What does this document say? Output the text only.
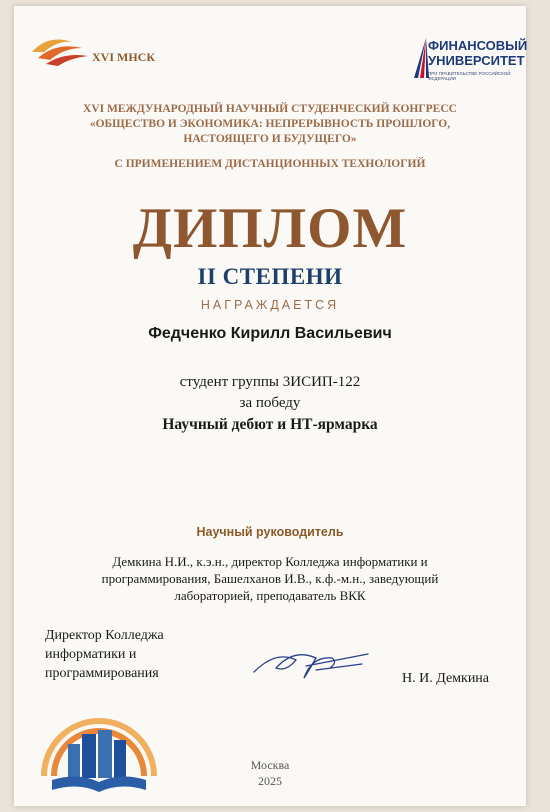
XVI МНСК
ФИНАНСОВЫЙ
УНИВЕРСИТЕТ
ПРИ ПРАВИТЕЛЬСТВЕ РОССИЙСКОЙ ФЕДЕРАЦИИ
XVI МЕЖДУНАРОДНЫЙ НАУЧНЫЙ СТУДЕНЧЕСКИЙ КОНГРЕСС
«ОБЩЕСТВО И ЭКОНОМИКА: НЕПРЕРЫВНОСТЬ ПРОШЛОГО,
НАСТОЯЩЕГО И БУДУЩЕГО»
С ПРИМЕНЕНИЕМ ДИСТАНЦИОННЫХ ТЕХНОЛОГИЙ
ДИПЛОМ
II СТЕПЕНИ
НАГРАЖДАЕТСЯ
Федченко Кирилл Васильевич
студент группы 3ИСИП-122
за победу
Научный дебют и НТ-ярмарка
Научный руководитель
Демкина Н.И., к.э.н., директор Колледжа информатики и
программирования, Башелханов И.В., к.ф.-м.н., заведующий
лабораторией, преподаватель ВКК
Директор Колледжа
информатики и
программирования	Н. И. Демкина
Москва
2025
